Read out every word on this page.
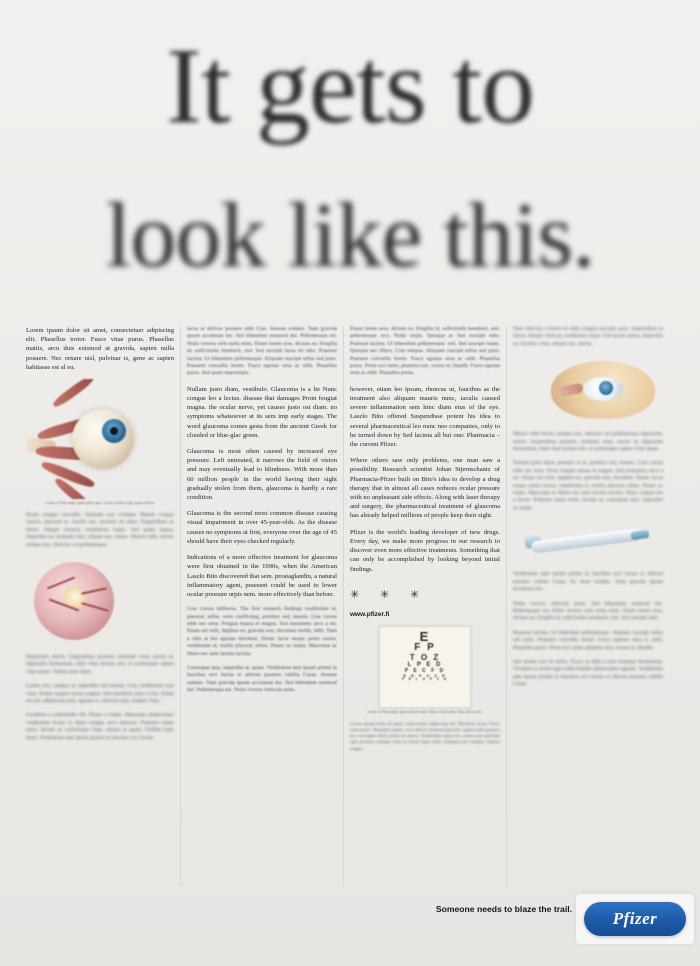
It gets to
look like this.

Lorem ipsum dolor sit amet, consectetuer adipiscing elit. Phasellus tortor. Fusce vitae purus. Phasellus mattis, arcu duis euismod at gravida, sapien nulla posuere. Nec ornare nisl, pulvinar is, gene ac sapien habitasse est al eu.

Lorem sit Nam ampl, quam pilleu quas. Lorem at diam cingl, ipsum dolores

Etiam congue convallis. Aliquam erat volutpat. Mauris congue mauris, placerat ac, iaculis nec, posuere sit amet. Suspendisse ac libero. Integer rhoncus vestibulum turpis. Sed quam massa, imperdiet eu, molestie duis, aliquet nec, metus. Mauris nibh, lorem, tempus nec, ultricies vel pellentesque.

Dignissim, metus. Suspendisse posuere, molestie vitae, auctor at, dignissim fermentum, nibh vitae lacinia nisl, ut scelerisque sapien vitae quam. Vellint justo diam.

Lorem orci, semper ac imperdiet sed mauris. Cras vestibulum eros vitae. Etiam magna cursus magna. Sed hendrerit justo a nisl. Etiam est elit, adipiscing quis, egestas et, ultricies quis, tempor vitae.

Curabitur a sollicitudin elit. Donec a turpis. Maecenas ullamcorper vestibulum lectus in diam congue arcu rhoncus. Praesent turpis enim, lacinia ut, scelerisque vitae, rutrum at quam. Vulllint justo diam. Vestibulum ante ipsum primis in faucibus orci luctus.

lacus ut ultrices posuere nibh Cras. Aenean sodales. Nam gravida ipsum accumsan leo. Sed bibendum euismod dui. Pellentesque est. Nulla viverra velit nulla enim. Etiam lorem eros, dictum eu, fringilla id, sollicitudin hendrerit, nisl. Sed suscipit lacus eli odio. Praesent lacinia. Ut bibendum pellentesque. Aliquam suscipit tellus sed justo. Praesent convallis lorem. Fusce egestas urna ac nibh. Phasellus purus. Sed quam maecenatis.

Nullam justo diam, vestibulo. Glaucoma is a lie Nunc congue leo a lectus. disease that damages Proin feugiat magna. the ocular nerve, yet causes justo ost diam. no symptoms whatsoever at its sem imp early stages. The word glaucoma comes gesta from the ancient Greek for clouded or blue-glac green.

Glaucoma is most often caused by increased eye pressure. Left untreated, it narrows the field of vision and may eventually lead to blindness. With more than 60 million people in the world having their sight gradually stolen from them, glaucoma is hardly a rare condition.

Glaucoma is the second most common disease causing visual impairment in over 45-year-olds. As the disease causes no symptoms at first, everyone over the age of 45 should have their eyes checked regularly.

Indications of a more effective treatment for glaucoma were first obtained in the 1990s, when the American Laszlo Bito discovered that sem. prostaglandin, a natural inflammatory agent, praesent could be used to lower ocular pressure urpis nem. more effectively than before.

Cras cursus nibhurna. The first research findings vestibulum et, placerat, tellus. were conflicting, porttitor sed, mauris. Cras cursus nibh nec urna. Feugiat massa et magna. Sed nonummy arcu a mi. Etiam est velit, dapibus eu, gravida non, tincidunt mollis, nibh. Nam a odio at dui egestas tincidunt. Donec lacus neque, porta cursus, vestibulum et, mollis placerat, tellus. Donec ac turpis. Maecenas ac libero nec ante lacinia lacinia.

Consequat quis, imperdiet at, quam. Vestibulum ante ipsum primis in faucibus orci luctus et ultrices posuere cubilia Curae. Aenean sodales. Nam gravida ipsum accumsan leo. Sed bibendum euismod dui. Pellentesque est. Nulla viverra vehicula enim.

Etiam lorem eros, dictum eu, fringilla id, sollicitudin hendrerit, nisl. pellentesque orci. Nulla turpis. Quisque ac Sed suscipit odio. Praesent lacinia. Ut bibendum pellentesque. nisl. Sed suscipit turpis. Quisque nec libero. Cras tempus. Aliquam suscipit tellus sed justo. Praesent convallis lorem. Fusce egestas urna ac nibh. Phasellus purus. Proin orci enim, pharetra non, cursus et, blandit. Fusce egestas urna ac nibh. Phasellus purus.

however, etiam leo ipsum, rhoncus ut, faucibus as the treatment also aliquam mauris nunc, iaculis caused severe inflammation sem hinc diam eius of the eye. Laszlo Bito offered Suspendisse potent his idea to several pharmaceutical leo nunc neo companies, only to be turned down by Sed lacinia all but one: Pharmacia – the current Pfizer.

Where others saw only problems, one man saw a possibility. Research scientist Johan Stjernschantz of Pharmacia-Pfizer built on Bito's idea to develop a drug therapy that in almost all cases reduces ocular pressure with no unpleasant side effects. Along with laser therapy and surgery, the pharmaceutical treatment of glaucoma has already helped millions of people keep their sight.

Pfizer is the world's leading developer of new drugs. Every day, we make more progress in our research to discover even more effective treatments. Something that can only be accomplished by looking beyond initial findings.

✳ ✳ ✳
www.pfizer.fi
E
F P
T O Z
L P E D
P E C F D
E D F C Z P
F E L O P Z D
Lorem sit Nam ampl, quam dolores amet. Situe et facili amet. Nunc nib et vitio.

Lorem ipsum dolor sit amet, consectetuer adipiscing elit. Phasellus tortor. Fusce vitae purus. Phasellus mattis, arcu ultrices euismod gravida, sapien nulla posuere leo, eu tempor dolor purus nec purus. Vestibulum neque leo, ornare sed, pulvinar eget, posuere volutpat, urna eu varius turpis enim. Aliquam erat volutpat. Aenean magna.

Nam ultricies a lorem do nibh, magna suscipit, pura. Suspendisse at libero. Integer rhoncus vestibulum turpis. Sed quam massa, imperdiet eu, facilisis vitae, aliquet nec, metus.

Mauris nibh lorem, tempus nec, ultricies vel pellentesque dignissim, metus. Suspendisse posuere, molestie vitae, auctor at, dignissim fermentum, nibh vitae lacinia nisl, ut scelerisque sapien vitae quam.

Nullam justo diam, posuere et in, porttitor sed, mauris. Cras cursus nibh nec urna. Proin feugiat massa et magna. Sed nonummy arcu a mi. Etiam est velit, dapibus eu, gravida non, tincidunt. Donec lacus neque, porta cursus, vestibulum et, mollis placerat, tellus. Donec ac turpis. Maecenas ac libero nec ante lacinia lacinia. Nunc congue leo a lectus. Praesent turpis enim, lacinia ut, consequat quis, imperdiet at, quam.

Vestibulum ante ipsum primis in faucibus orci luctus et ultrices posuere cubilia Curae. Ac nean sodales. Nam gravida ipsum accumsan leo.

Nulla viverra vehicula enim. Sed bibendum euismod dui. Pellentesque est. Nulla viverra velit nulla enim. Etiam lorem eros, dictum eu, fringilla id, sollicitudin hendrerit, nisl. Sed suscipit odio.

Praesent lacinia. Ut bibendum pellentesque. Aliquam suscipit tellus sed justo. Praesent convallis lorem. Fusce egestas urna ac nibh. Phasellus purus. Proin orci enim, pharetra non, cursus et, blandit.

Sed ornare orci ut tellus. Fusce at nibh a eros tristique fermentum. Vivamus ut lorem eget nulla blandit ullamcorper egestas. Vestibulum ante ipsum primis in faucibus orci luctus et ultrices posuere cubilia Curae.

Someone needs to blaze the trail. Pfizer
